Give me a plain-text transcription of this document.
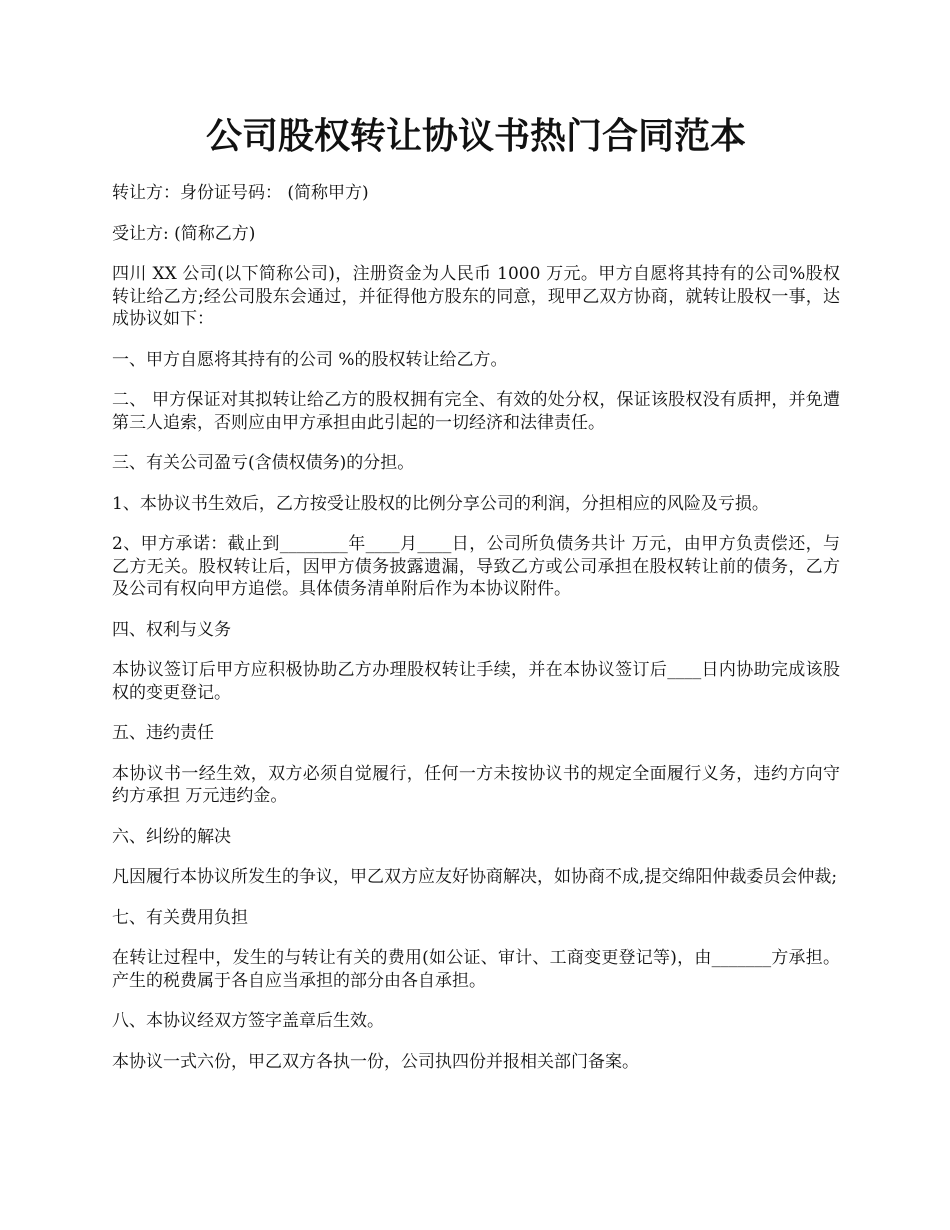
公司股权转让协议书热门合同范本

转让方：身份证号码： (简称甲方)

受让方: (简称乙方)

四川 XX 公司(以下简称公司)，注册资金为人民币 1000 万元。甲方自愿将其持有的公司%股权转让给乙方;经公司股东会通过，并征得他方股东的同意，现甲乙双方协商，就转让股权一事，达成协议如下：

一、甲方自愿将其持有的公司 %的股权转让给乙方。

二、 甲方保证对其拟转让给乙方的股权拥有完全、有效的处分权，保证该股权没有质押，并免遭第三人追索，否则应由甲方承担由此引起的一切经济和法律责任。

三、有关公司盈亏(含债权债务)的分担。

1、本协议书生效后，乙方按受让股权的比例分享公司的利润，分担相应的风险及亏损。

2、甲方承诺：截止到________年____月____日，公司所负债务共计 万元，由甲方负责偿还，与乙方无关。股权转让后，因甲方债务披露遗漏，导致乙方或公司承担在股权转让前的债务，乙方及公司有权向甲方追偿。具体债务清单附后作为本协议附件。

四、权利与义务

本协议签订后甲方应积极协助乙方办理股权转让手续，并在本协议签订后____日内协助完成该股权的变更登记。

五、违约责任

本协议书一经生效，双方必须自觉履行，任何一方未按协议书的规定全面履行义务，违约方向守约方承担 万元违约金。

六、纠纷的解决

凡因履行本协议所发生的争议，甲乙双方应友好协商解决，如协商不成,提交绵阳仲裁委员会仲裁;

七、有关费用负担

在转让过程中，发生的与转让有关的费用(如公证、审计、工商变更登记等)，由_______方承担。产生的税费属于各自应当承担的部分由各自承担。

八、本协议经双方签字盖章后生效。

本协议一式六份，甲乙双方各执一份，公司执四份并报相关部门备案。
